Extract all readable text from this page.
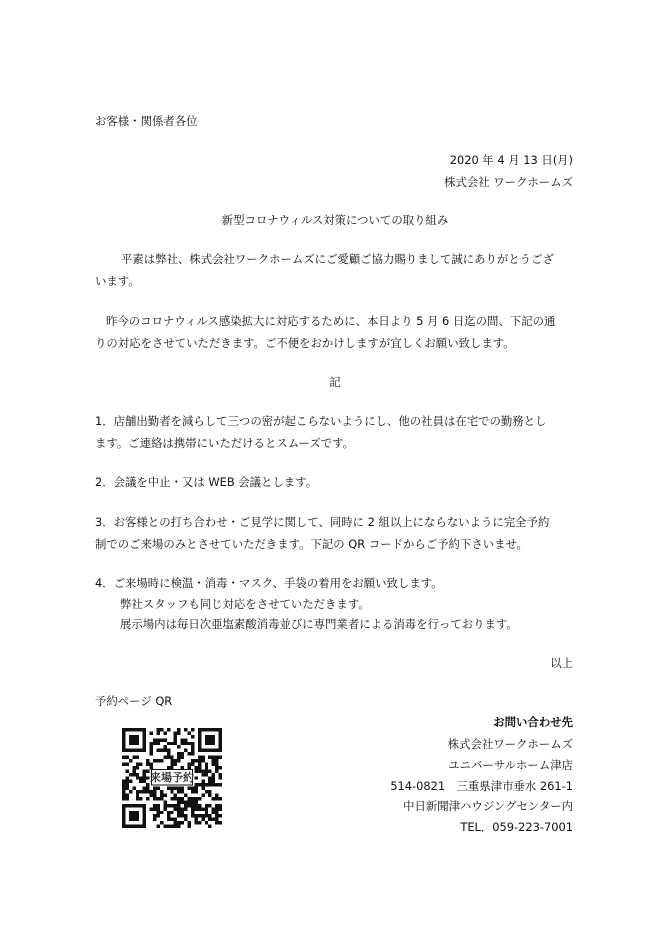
お客様・関係者各位
2020 年 4 月 13 日(月)
株式会社 ワークホームズ
新型コロナウィルス対策についての取り組み
平素は弊社、株式会社ワークホームズにご愛顧ご協力賜りまして誠にありがとうござ
います。
昨今のコロナウィルス感染拡大に対応するために、本日より 5 月 6 日迄の間、下記の通
りの対応をさせていただきます。ご不便をおかけしますが宜しくお願い致します。
記
1．店舗出勤者を減らして三つの密が起こらないようにし、他の社員は在宅での勤務とし
ます。ご連絡は携帯にいただけるとスムーズです。
2．会議を中止・又は WEB 会議とします。
3．お客様との打ち合わせ・ご見学に関して、同時に 2 組以上にならないように完全予約
制でのご来場のみとさせていただきます。下記の QR コードからご予約下さいませ。
4．ご来場時に検温・消毒・マスク、手袋の着用をお願い致します。
弊社スタッフも同じ対応をさせていただきます。
展示場内は毎日次亜塩素酸消毒並びに専門業者による消毒を行っております。
以上
予約ページ QR
来場予約
お問い合わせ先
株式会社ワークホームズ
ユニバーサルホーム津店
514-0821　三重県津市垂水 261-1
中日新聞津ハウジングセンター内
TEL．059-223-7001
